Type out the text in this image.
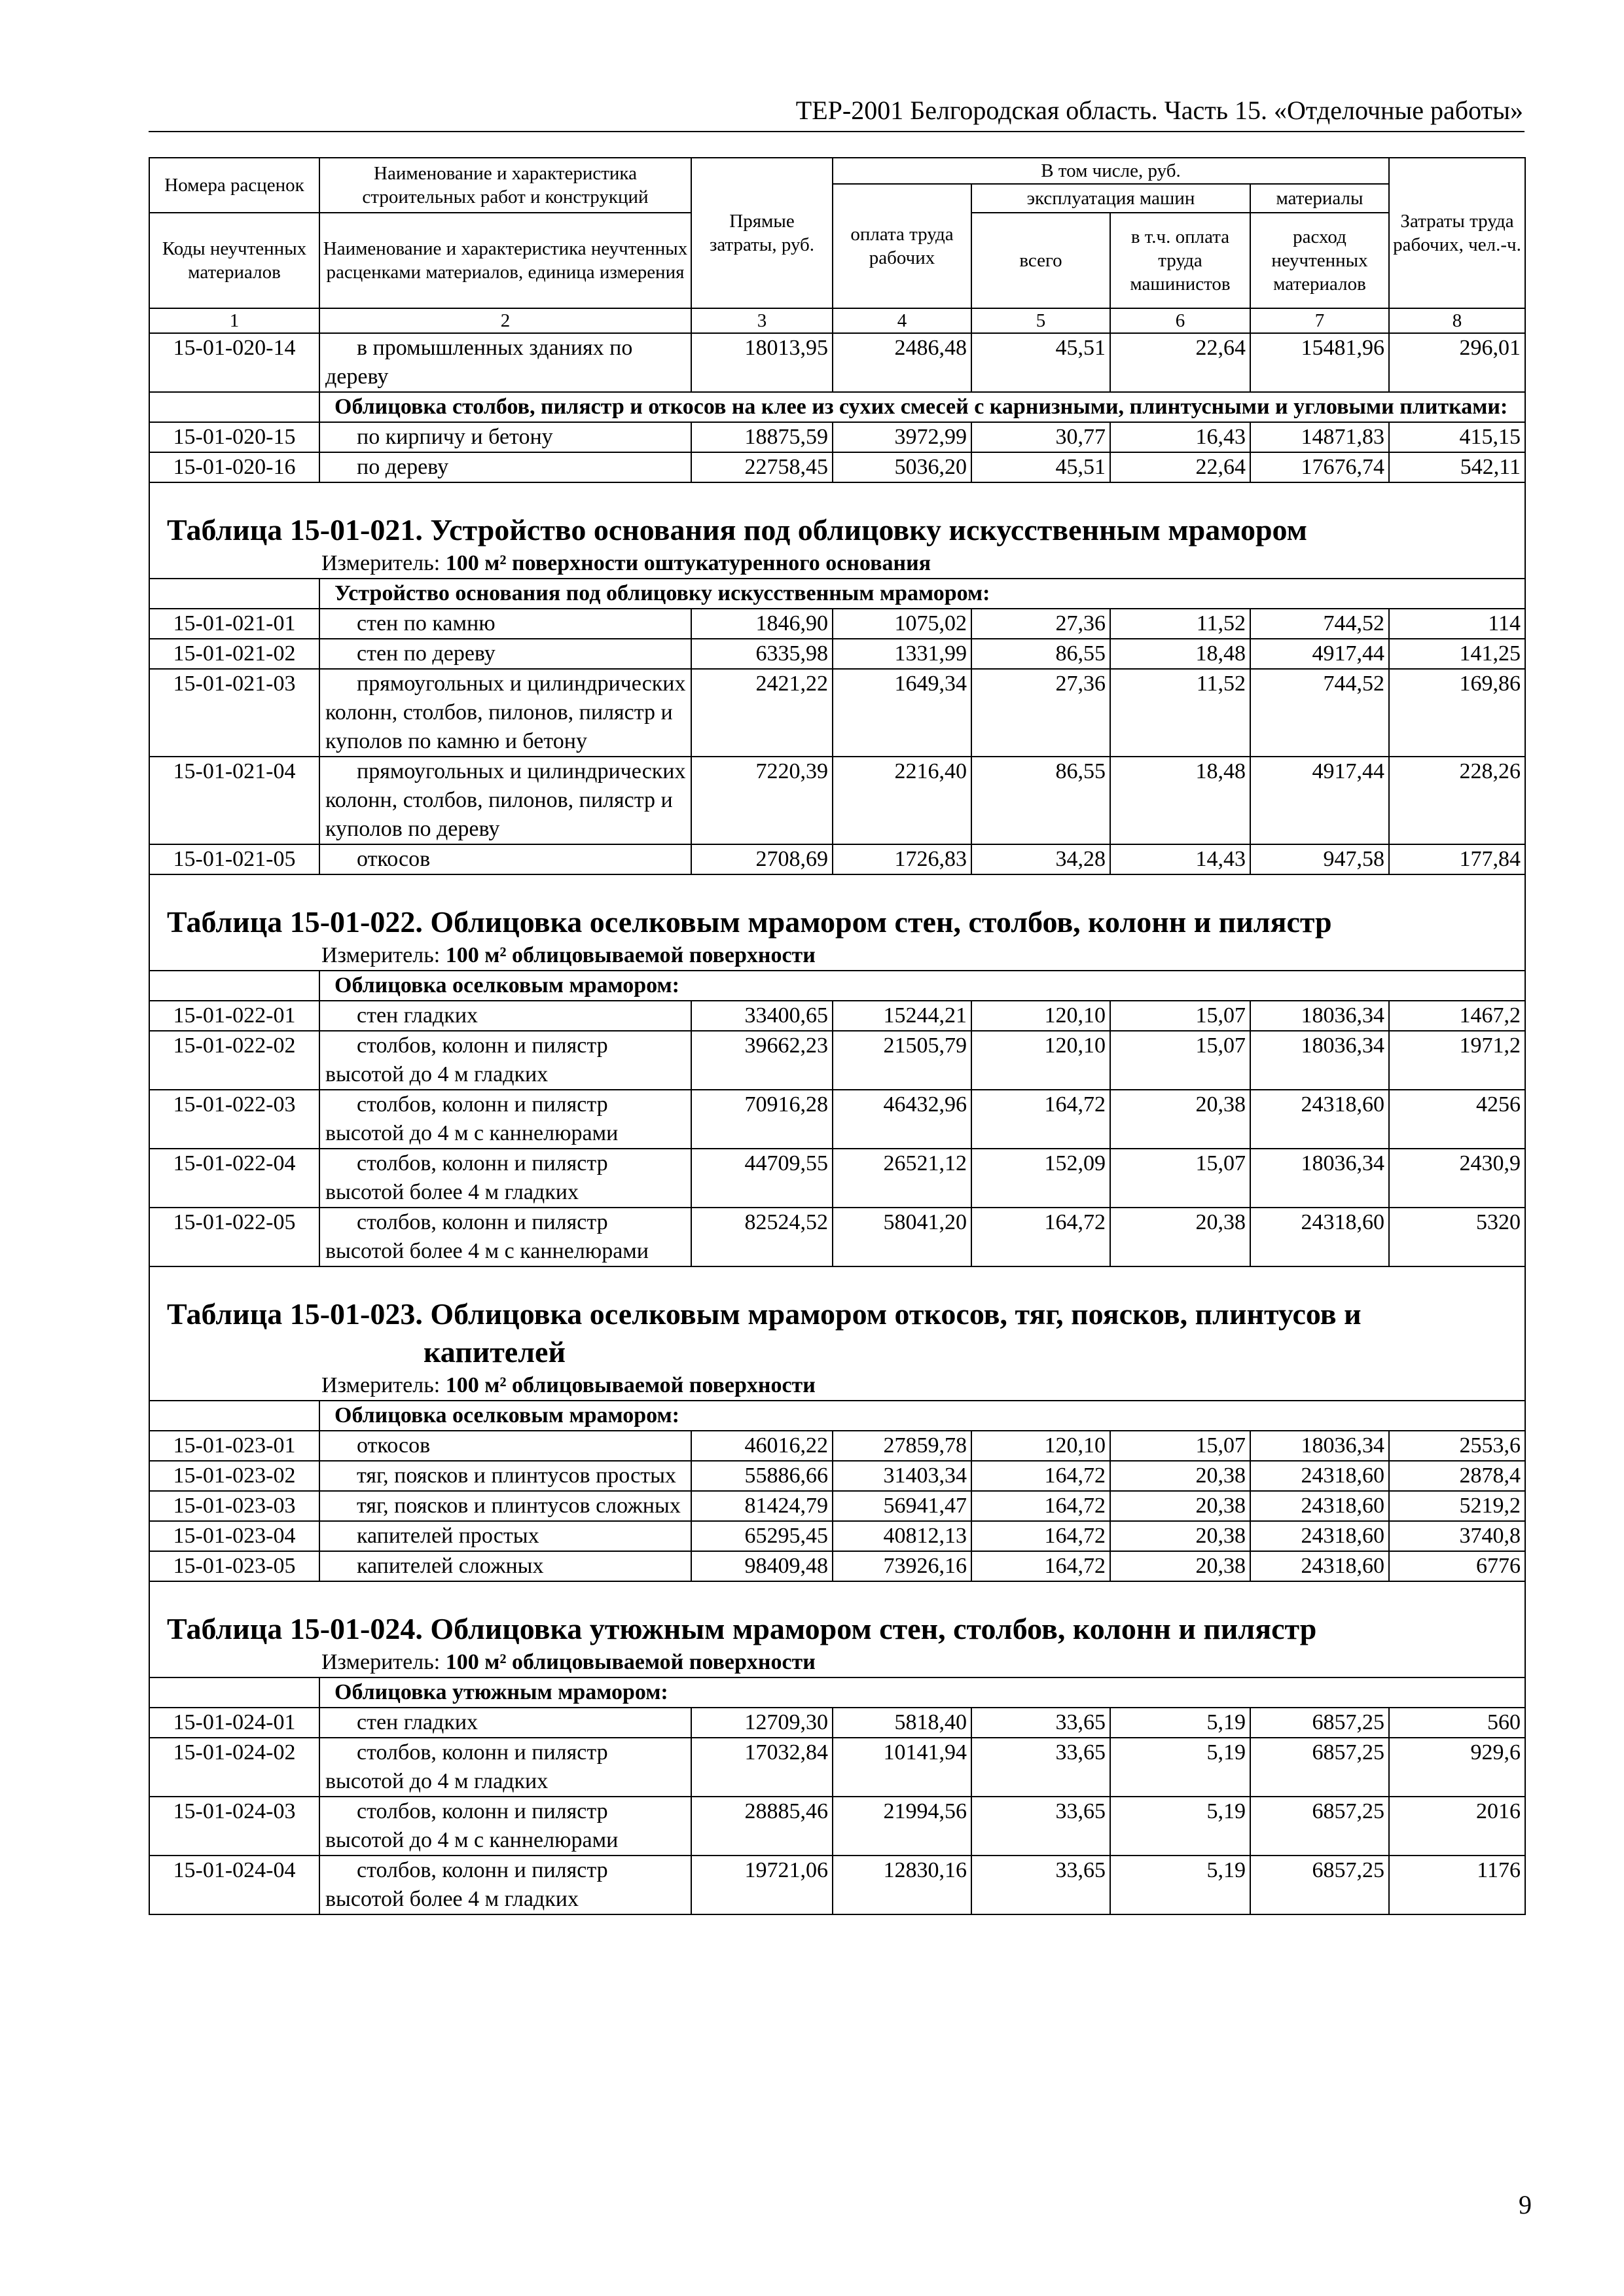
ТЕР-2001 Белгородская область. Часть 15. «Отделочные работы»
Номера расценок	Наименование и характеристика строительных работ и конструкций	Прямые затраты, руб.	В том числе, руб.				Затраты труда рабочих, чел.-ч.
			оплата труда рабочих	эксплуатация машин		материалы	
Коды неучтенных материалов	Наименование и характеристика неучтенных расценками материалов, единица измерения			всего	в т.ч. оплата труда машинистов	расход неучтенных материалов	

1	2	3	4	5	6	7	8
15-01-020-14	в промышленных зданиях по дереву	18013,95	2486,48	45,51	22,64	15481,96	296,01
	Облицовка столбов, пилястр и откосов на клее из сухих смесей с карнизными, плинтусными и угловыми плитками:						
15-01-020-15	по кирпичу и бетону	18875,59	3972,99	30,77	16,43	14871,83	415,15
15-01-020-16	по дереву	22758,45	5036,20	45,51	22,64	17676,74	542,11

Таблица 15-01-021. Устройство основания под облицовку искусственным мрамором							

Измеритель: 100 м² поверхности оштукатуренного основания							

	Устройство основания под облицовку искусственным мрамором:						
15-01-021-01	стен по камню	1846,90	1075,02	27,36	11,52	744,52	114
15-01-021-02	стен по дереву	6335,98	1331,99	86,55	18,48	4917,44	141,25
15-01-021-03	прямоугольных и цилиндрических колонн, столбов, пилонов, пилястр и куполов по камню и бетону	2421,22	1649,34	27,36	11,52	744,52	169,86
15-01-021-04	прямоугольных и цилиндрических колонн, столбов, пилонов, пилястр и куполов по дереву	7220,39	2216,40	86,55	18,48	4917,44	228,26
15-01-021-05	откосов	2708,69	1726,83	34,28	14,43	947,58	177,84

Таблица 15-01-022. Облицовка оселковым мрамором стен, столбов, колонн и пилястр							

Измеритель: 100 м² облицовываемой поверхности							

	Облицовка оселковым мрамором:						
15-01-022-01	стен гладких	33400,65	15244,21	120,10	15,07	18036,34	1467,2
15-01-022-02	столбов, колонн и пилястр высотой до 4 м гладких	39662,23	21505,79	120,10	15,07	18036,34	1971,2
15-01-022-03	столбов, колонн и пилястр высотой до 4 м с каннелюрами	70916,28	46432,96	164,72	20,38	24318,60	4256
15-01-022-04	столбов, колонн и пилястр высотой более 4 м гладких	44709,55	26521,12	152,09	15,07	18036,34	2430,9
15-01-022-05	столбов, колонн и пилястр высотой более 4 м с каннелюрами	82524,52	58041,20	164,72	20,38	24318,60	5320

Таблица 15-01-023. Облицовка оселковым мрамором откосов, тяг, поясков, плинтусов и
капителей							

Измеритель: 100 м² облицовываемой поверхности							

	Облицовка оселковым мрамором:						
15-01-023-01	откосов	46016,22	27859,78	120,10	15,07	18036,34	2553,6
15-01-023-02	тяг, поясков и плинтусов простых	55886,66	31403,34	164,72	20,38	24318,60	2878,4
15-01-023-03	тяг, поясков и плинтусов сложных	81424,79	56941,47	164,72	20,38	24318,60	5219,2
15-01-023-04	капителей простых	65295,45	40812,13	164,72	20,38	24318,60	3740,8
15-01-023-05	капителей сложных	98409,48	73926,16	164,72	20,38	24318,60	6776

Таблица 15-01-024. Облицовка утюжным мрамором стен, столбов, колонн и пилястр							

Измеритель: 100 м² облицовываемой поверхности							

	Облицовка утюжным мрамором:						
15-01-024-01	стен гладких	12709,30	5818,40	33,65	5,19	6857,25	560
15-01-024-02	столбов, колонн и пилястр высотой до 4 м гладких	17032,84	10141,94	33,65	5,19	6857,25	929,6
15-01-024-03	столбов, колонн и пилястр высотой до 4 м с каннелюрами	28885,46	21994,56	33,65	5,19	6857,25	2016
15-01-024-04	столбов, колонн и пилястр высотой более 4 м гладких	19721,06	12830,16	33,65	5,19	6857,25	1176
9
